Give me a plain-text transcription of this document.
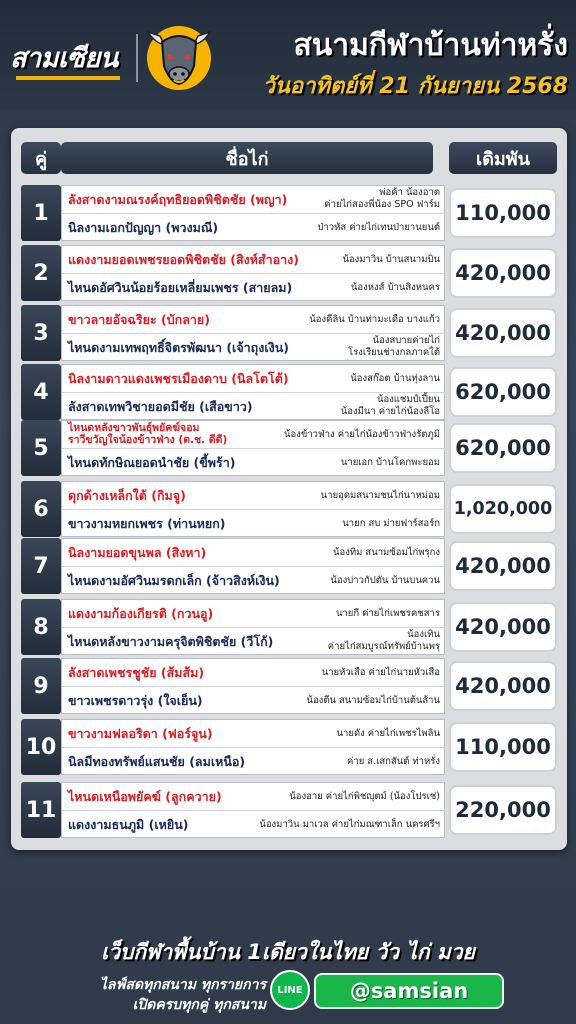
สามเซียน	สนามกีฬาบ้านท่าหรั่ง
วันอาทิตย์ที่ 21 กันยายน 2568
คู่	ชื่อไก่	เดิมพัน
1
ลังสาดงามณรงค์ฤทธิยอดพิชิตชัย (พญา)	พ่อค้า น้องอาต
ค่ายไก่สองพี่น้อง SPO ฟาร์ม
นิลงามเอกปัญญา (พวงมณี)	ป่าวหัส ค่ายไก่เทนป่ายานยนต์
110,000
2
แดงงามยอดเพชรยอดพิชิตชัย (สิงห์สำอาง)	น้องมาวิน บ้านสนามบิน
ไหนดอัศวินน้อยร้อยเหลี่ยมเพชร (สายลม)	น้องหงส์ บ้านสิงหนคร
420,000
3
ขาวลายอัจฉริยะ (บักลาย)	น้องคีลิน บ้านท่ามะเดือ บางแก้ว
ไหนดงามเทพฤทธิ์จิตรพัฒนา (เจ้าถุงเงิน)	น้องสบายค่ายไก่
โรงเรียนช่างกลภาคใต้
420,000
4
นิลงามดาวแดงเพชรเมืองดาบ (นิลโตโต้)	น้องสก๊อต บ้านทุ่งลาน
ลังสาดเทพวิชายอดมีชัย (เสือขาว)	น้องแชมป์เปี้ยน
น้องมีนา ค่ายไก่น้องลีโอ
620,000
5
ไหนดหลังขาวพันธุ์พยัคฆ์จอม
ราวีขวัญใจน้องข้าวฟ่าง (ต.ช. ดีดี)	น้องข้าวฟ่าง ค่ายไก่น้องข้าวฟ่างรัตภูมิ
ไหนดทักษิณยอดนำชัย (ขี้พร้า)	นายเอก บ้านโคกพะยอม
620,000
6
ดุกด้างเหล็กใต้ (กิมจู)	นายอุดมสนามชนไก่นาหม่อม
ขาวงามหยกเพชร (ท่านหยก)	นายก สบ ม่ายฟาร์สอร์ก
1,020,000
7
นิลงามยอดขุนพล (สิงหา)	น้องทิม สนามซ้อมไก่พรุกง
ไหนดงามอัศวินมรดกเล็ก (จ้าวสิงห์เงิน)	น้องบ่าวกัปตัน บ้านบนควน
420,000
8
แดงงามก้องเกียรติ (กวนอู)	นายกี ค่ายไก่เพชรคชสาร
ไหนดหลังขาวงามครุจิตพิชิตชัย (วีโก้)	น้องเทิน
ค่ายไก่สมบูรณ์ทรัพย์บ้านพรุ
420,000
9
ลังสาดเพชรชูชัย (ส้มส้ม)	นายหัวเสือ ค่ายไก่นายหัวเสือ
ขาวเพชรดาวรุ่ง (ใจเย็น)	น้องตีน สนามซ้อมไก่บ้านต้นส้าน
420,000
10
ขาวงามฟลอริดา (ฟอร์จูน)	นายดัง ค่ายไก่เพชรไพลิน
นิลมีทองทรัพย์แสนชัย (ลมเหนือ)	ค่าย ส.เสกสันต์ ท่าหรั่ง
110,000
11
ไหนดเหนือพยัคฆ์ (ลูกควาย)	น้องอาย ค่ายไก่พิชญุตม์ (น้องโปรเช่)
แดงงามธนภูมิ (เหยิน)	น้องมาวิน มาเวล ค่ายไก่มณฑาเล็ก นครศรีฯ
220,000
เว็บกีฬาพื้นบ้าน 1เดียวในไทย วัว ไก่ มวย
ไลฟ์สดทุกสนาม ทุกรายการ
เปิดครบทุกคู่ ทุกสนาม
LINE	@samsian
